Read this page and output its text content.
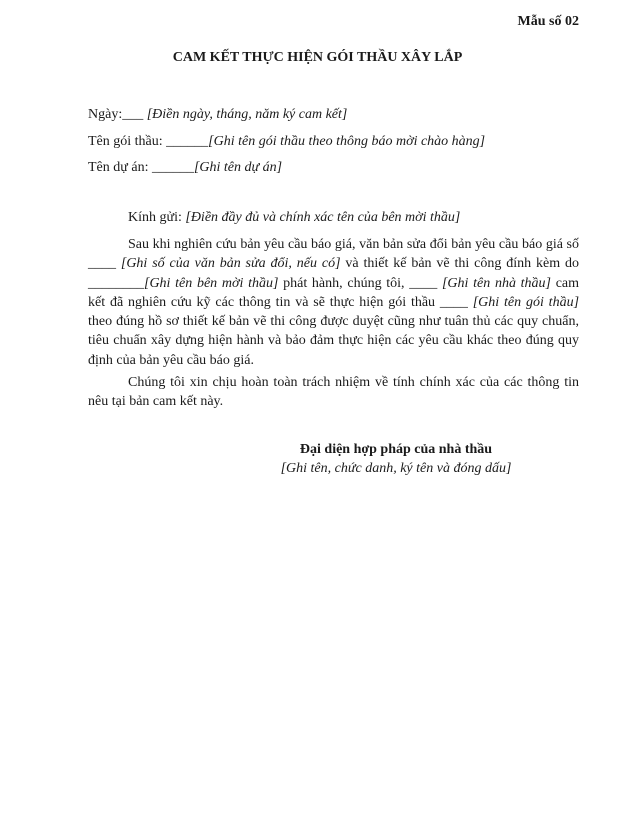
Mẫu số 02
CAM KẾT THỰC HIỆN GÓI THẦU XÂY LẮP
Ngày:___ [Điền ngày, tháng, năm ký cam kết]
Tên gói thầu: ______[Ghi tên gói thầu theo thông báo mời chào hàng]
Tên dự án: ______[Ghi tên dự án]

Kính gửi: [Điền đầy đủ và chính xác tên của bên mời thầu]

Sau khi nghiên cứu bản yêu cầu báo giá, văn bản sửa đổi bản yêu cầu báo giá số ____ [Ghi số của văn bản sửa đổi, nếu có] và thiết kế bản vẽ thi công đính kèm do ________[Ghi tên bên mời thầu] phát hành, chúng tôi, ____ [Ghi tên nhà thầu] cam kết đã nghiên cứu kỹ các thông tin và sẽ thực hiện gói thầu ____ [Ghi tên gói thầu] theo đúng hồ sơ thiết kế bản vẽ thi công được duyệt cũng như tuân thủ các quy chuẩn, tiêu chuẩn xây dựng hiện hành và bảo đảm thực hiện các yêu cầu khác theo đúng quy định của bản yêu cầu báo giá.

Chúng tôi xin chịu hoàn toàn trách nhiệm về tính chính xác của các thông tin nêu tại bản cam kết này.

Đại diện hợp pháp của nhà thầu
[Ghi tên, chức danh, ký tên và đóng dấu]
